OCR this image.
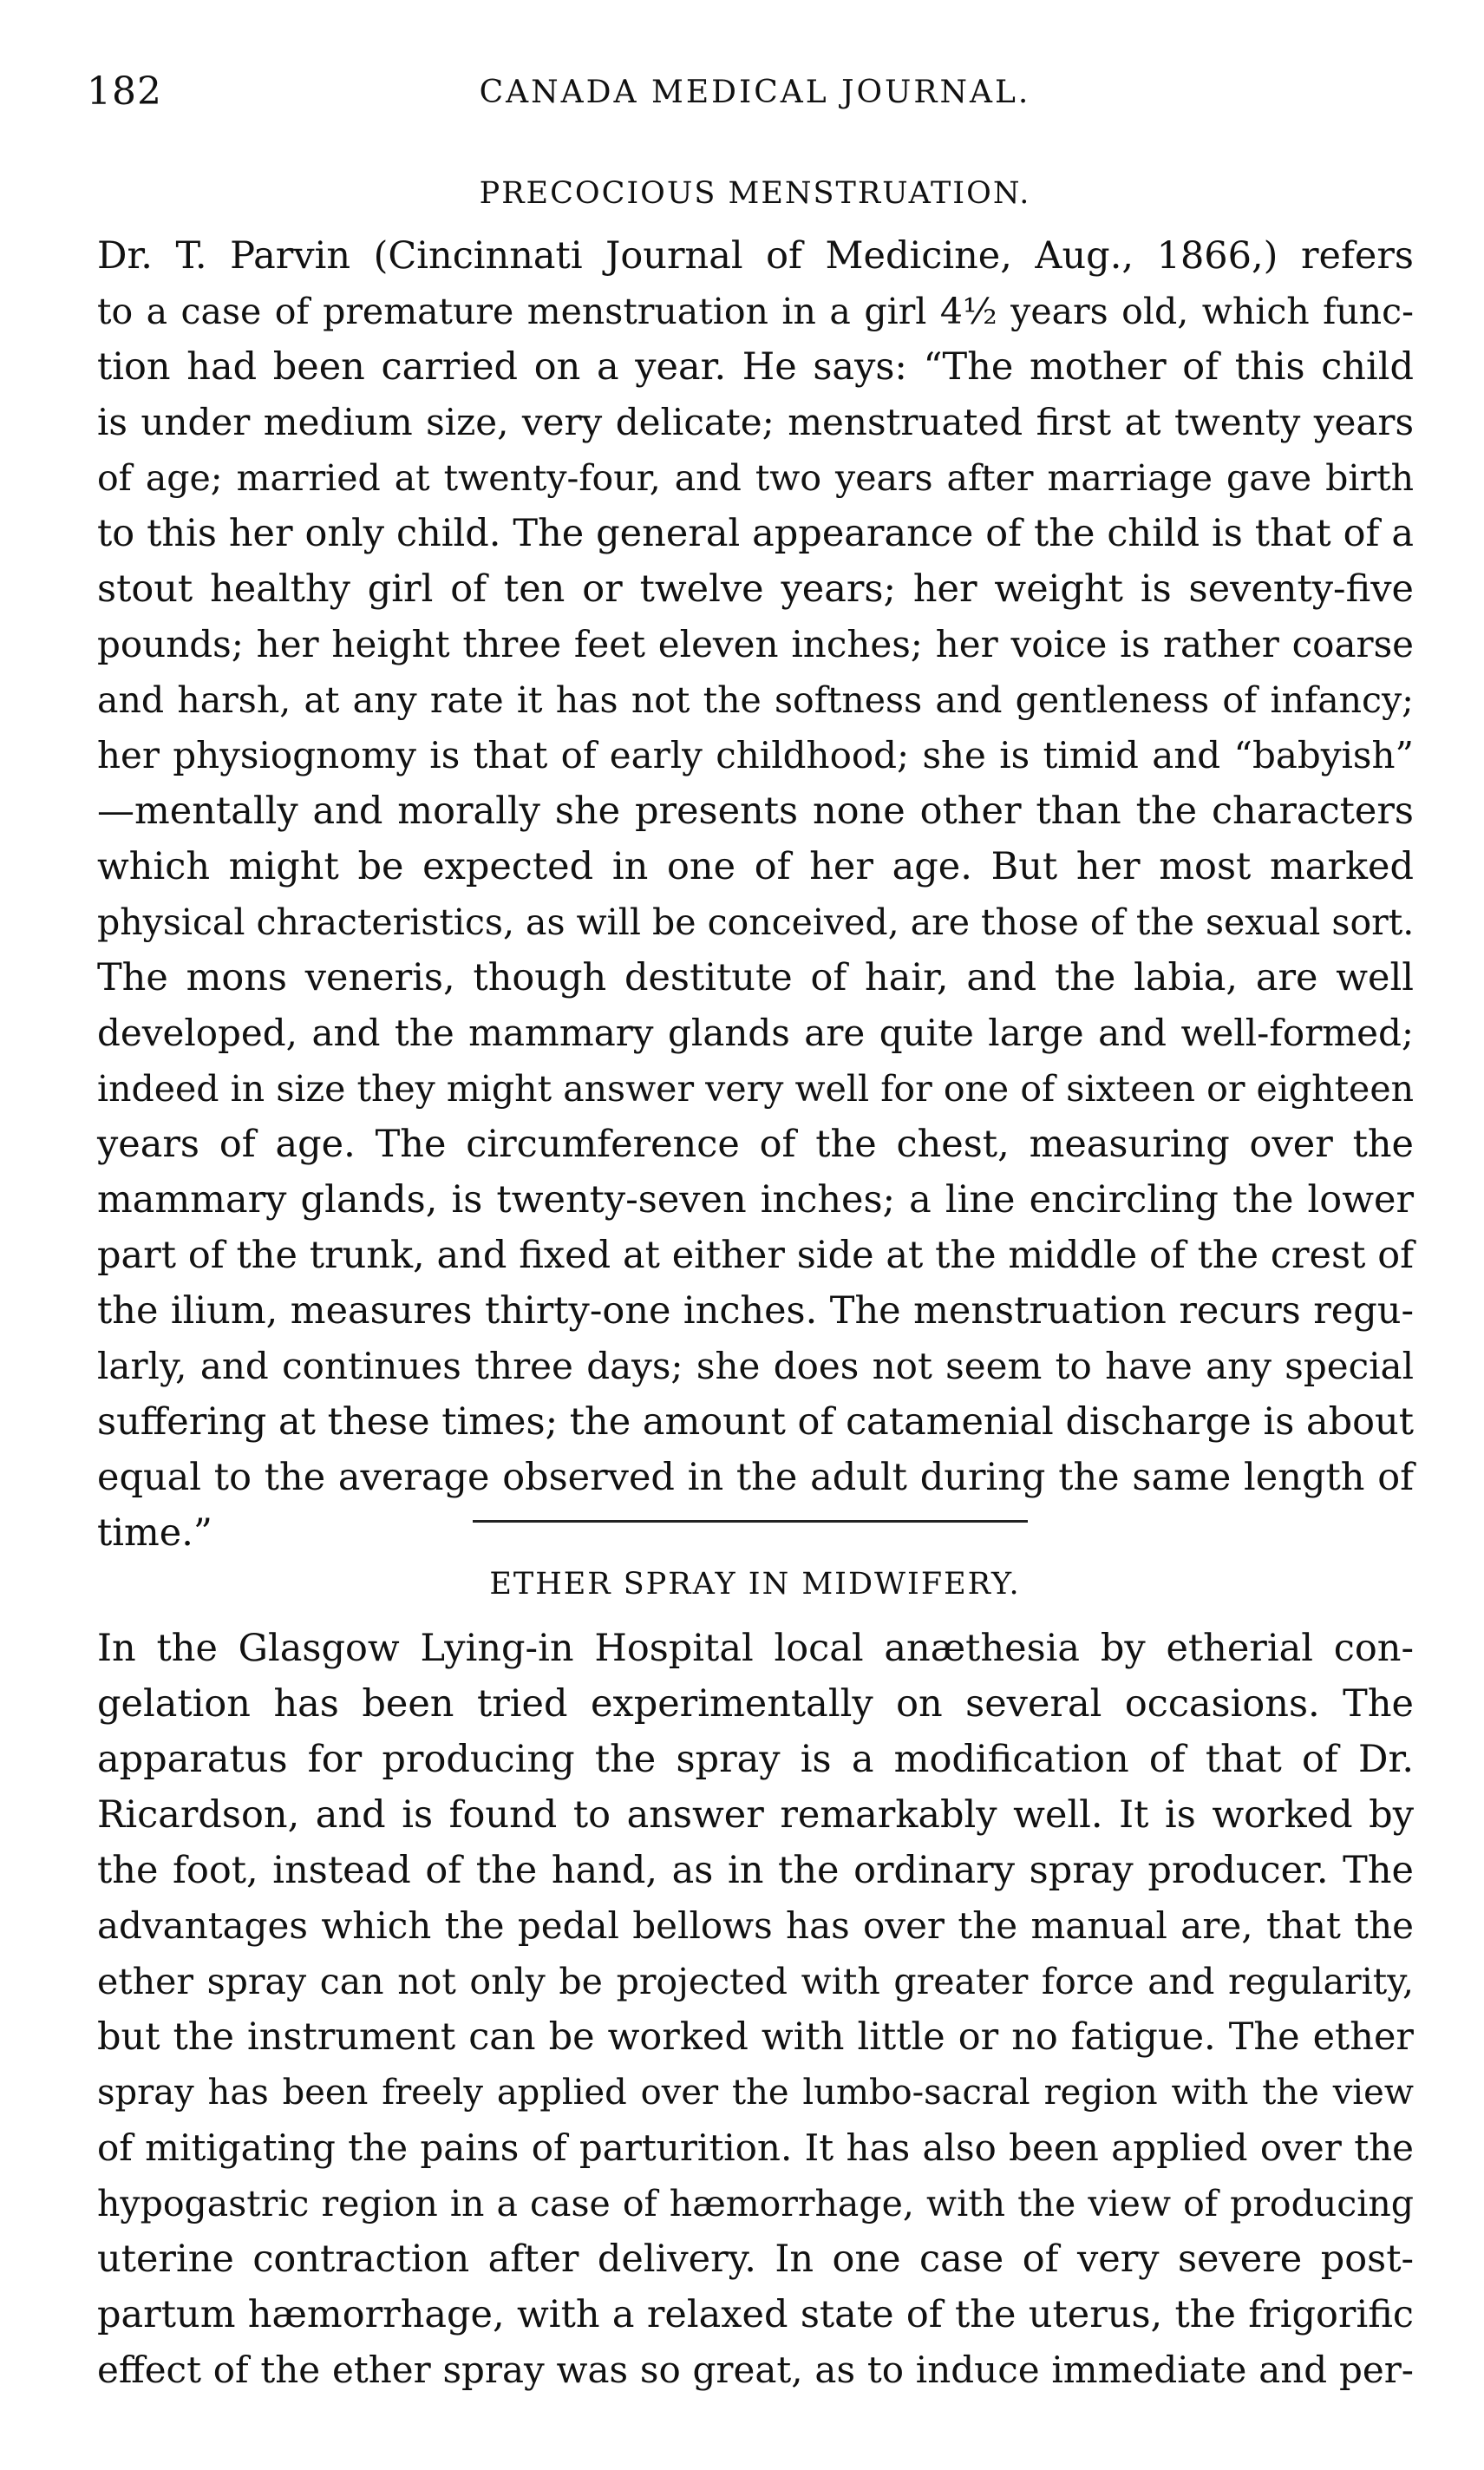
182	CANADA MEDICAL JOURNAL.
PRECOCIOUS MENSTRUATION.
Dr. T. Parvin (Cincinnati Journal of Medicine, Aug., 1866,) refers
to a case of premature menstruation in a girl 4½ years old, which func-
tion had been carried on a year. He says: “The mother of this child
is under medium size, very delicate; menstruated first at twenty years
of age; married at twenty-four, and two years after marriage gave birth
to this her only child. The general appearance of the child is that of a
stout healthy girl of ten or twelve years; her weight is seventy-five
pounds; her height three feet eleven inches; her voice is rather coarse
and harsh, at any rate it has not the softness and gentleness of infancy;
her physiognomy is that of early childhood; she is timid and “babyish”
—mentally and morally she presents none other than the characters
which might be expected in one of her age. But her most marked
physical chracteristics, as will be conceived, are those of the sexual sort.
The mons veneris, though destitute of hair, and the labia, are well
developed, and the mammary glands are quite large and well-formed;
indeed in size they might answer very well for one of sixteen or eighteen
years of age. The circumference of the chest, measuring over the
mammary glands, is twenty-seven inches; a line encircling the lower
part of the trunk, and fixed at either side at the middle of the crest of
the ilium, measures thirty-one inches. The menstruation recurs regu-
larly, and continues three days; she does not seem to have any special
suffering at these times; the amount of catamenial discharge is about
equal to the average observed in the adult during the same length of
time.”
ETHER SPRAY IN MIDWIFERY.
In the Glasgow Lying-in Hospital local anæthesia by etherial con-
gelation has been tried experimentally on several occasions. The
apparatus for producing the spray is a modification of that of Dr.
Ricardson, and is found to answer remarkably well. It is worked by
the foot, instead of the hand, as in the ordinary spray producer. The
advantages which the pedal bellows has over the manual are, that the
ether spray can not only be projected with greater force and regularity,
but the instrument can be worked with little or no fatigue. The ether
spray has been freely applied over the lumbo-sacral region with the view
of mitigating the pains of parturition. It has also been applied over the
hypogastric region in a case of hæmorrhage, with the view of producing
uterine contraction after delivery. In one case of very severe post-
partum hæmorrhage, with a relaxed state of the uterus, the frigorific
effect of the ether spray was so great, as to induce immediate and per-
